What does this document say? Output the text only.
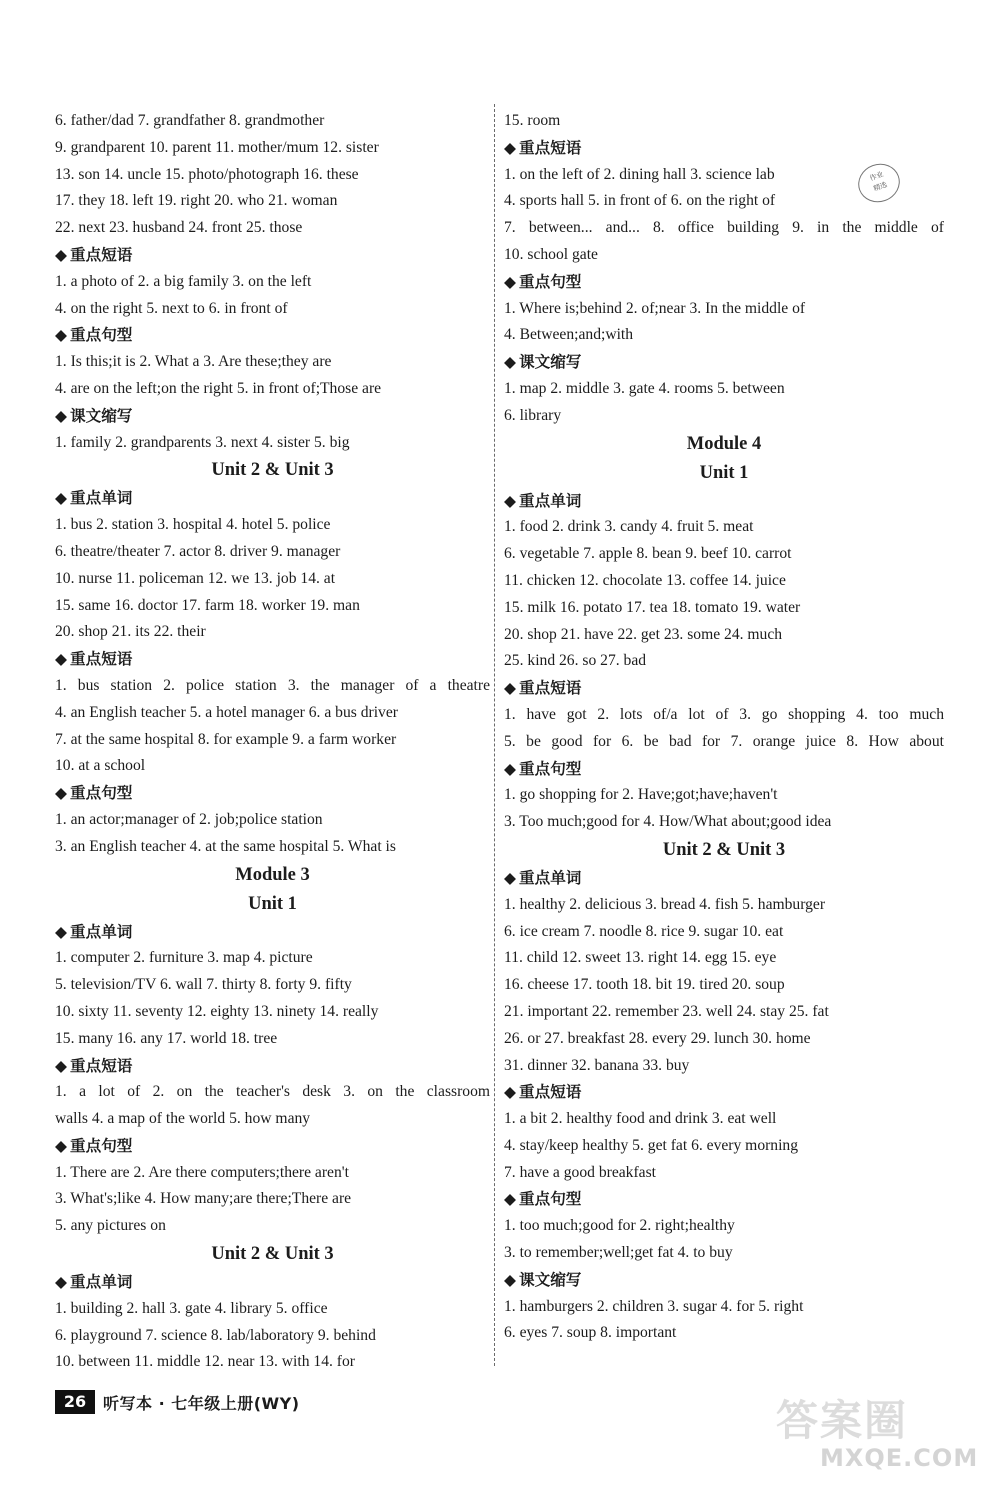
6. father/dad 7. grandfather 8. grandmother
9. grandparent 10. parent 11. mother/mum 12. sister
13. son 14. uncle 15. photo/photograph 16. these
17. they 18. left 19. right 20. who 21. woman
22. next 23. husband 24. front 25. those
◆ 重点短语
1. a photo of 2. a big family 3. on the left
4. on the right 5. next to 6. in front of
◆ 重点句型
1. Is this;it is 2. What a 3. Are these;they are
4. are on the left;on the right 5. in front of;Those are
◆ 课文缩写
1. family 2. grandparents 3. next 4. sister 5. big
Unit 2 & Unit 3
◆ 重点单词
1. bus 2. station 3. hospital 4. hotel 5. police
6. theatre/theater 7. actor 8. driver 9. manager
10. nurse 11. policeman 12. we 13. job 14. at
15. same 16. doctor 17. farm 18. worker 19. man
20. shop 21. its 22. their
◆ 重点短语
1. bus station 2. police station 3. the manager of a theatre
4. an English teacher 5. a hotel manager 6. a bus driver
7. at the same hospital 8. for example 9. a farm worker
10. at a school
◆ 重点句型
1. an actor;manager of 2. job;police station
3. an English teacher 4. at the same hospital 5. What is
Module 3
Unit 1
◆ 重点单词
1. computer 2. furniture 3. map 4. picture
5. television/TV 6. wall 7. thirty 8. forty 9. fifty
10. sixty 11. seventy 12. eighty 13. ninety 14. really
15. many 16. any 17. world 18. tree
◆ 重点短语
1. a lot of 2. on the teacher's desk 3. on the classroom
walls 4. a map of the world 5. how many
◆ 重点句型
1. There are 2. Are there computers;there aren't
3. What's;like 4. How many;are there;There are
5. any pictures on
Unit 2 & Unit 3
◆ 重点单词
1. building 2. hall 3. gate 4. library 5. office
6. playground 7. science 8. lab/laboratory 9. behind
10. between 11. middle 12. near 13. with 14. for
15. room
◆ 重点短语
1. on the left of 2. dining hall 3. science lab
4. sports hall 5. in front of 6. on the right of
7. between... and... 8. office building 9. in the middle of
10. school gate
◆ 重点句型
1. Where is;behind 2. of;near 3. In the middle of
4. Between;and;with
◆ 课文缩写
1. map 2. middle 3. gate 4. rooms 5. between
6. library
Module 4
Unit 1
◆ 重点单词
1. food 2. drink 3. candy 4. fruit 5. meat
6. vegetable 7. apple 8. bean 9. beef 10. carrot
11. chicken 12. chocolate 13. coffee 14. juice
15. milk 16. potato 17. tea 18. tomato 19. water
20. shop 21. have 22. get 23. some 24. much
25. kind 26. so 27. bad
◆ 重点短语
1. have got 2. lots of/a lot of 3. go shopping 4. too much
5. be good for 6. be bad for 7. orange juice 8. How about
◆ 重点句型
1. go shopping for 2. Have;got;have;haven't
3. Too much;good for 4. How/What about;good idea
Unit 2 & Unit 3
◆ 重点单词
1. healthy 2. delicious 3. bread 4. fish 5. hamburger
6. ice cream 7. noodle 8. rice 9. sugar 10. eat
11. child 12. sweet 13. right 14. egg 15. eye
16. cheese 17. tooth 18. bit 19. tired 20. soup
21. important 22. remember 23. well 24. stay 25. fat
26. or 27. breakfast 28. every 29. lunch 30. home
31. dinner 32. banana 33. buy
◆ 重点短语
1. a bit 2. healthy food and drink 3. eat well
4. stay/keep healthy 5. get fat 6. every morning
7. have a good breakfast
◆ 重点句型
1. too much;good for 2. right;healthy
3. to remember;well;get fat 4. to buy
◆ 课文缩写
1. hamburgers 2. children 3. sugar 4. for 5. right
6. eyes 7. soup 8. important
作业
精选
26	听写本 · 七年级上册(WY)	答案圈
MXQE.COM
